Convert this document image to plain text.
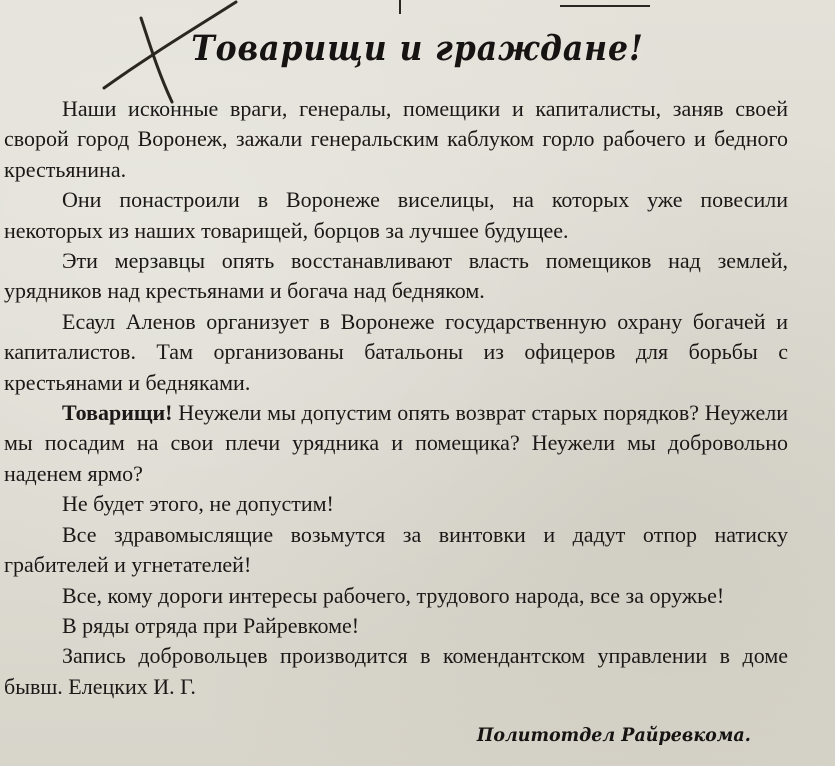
Товарищи и граждане!

Наши исконные враги, генералы, помещики и капиталисты, заняв своей сворой город Воронеж, зажали генеральским каблуком горло рабочего и бедного крестьянина.

Они понастроили в Воронеже виселицы, на которых уже повесили некоторых из наших товарищей, борцов за лучшее будущее.

Эти мерзавцы опять восстанавливают власть помещиков над землей, урядников над крестьянами и богача над бедняком.

Есаул Аленов организует в Воронеже государственную охрану богачей и капиталистов. Там организованы батальоны из офицеров для борьбы с крестьянами и бедняками.

Товарищи! Неужели мы допустим опять возврат старых порядков? Неужели мы посадим на свои плечи урядника и помещика? Неужели мы добровольно наденем ярмо?

Не будет этого, не допустим!

Все здравомыслящие возьмутся за винтовки и дадут отпор натиску грабителей и угнетателей!

Все, кому дороги интересы рабочего, трудового народа, все за оружье!

В ряды отряда при Райревкоме!

Запись добровольцев производится в комендантском управлении в доме бывш. Елецких И. Г.

Политотдел Райревкома.
